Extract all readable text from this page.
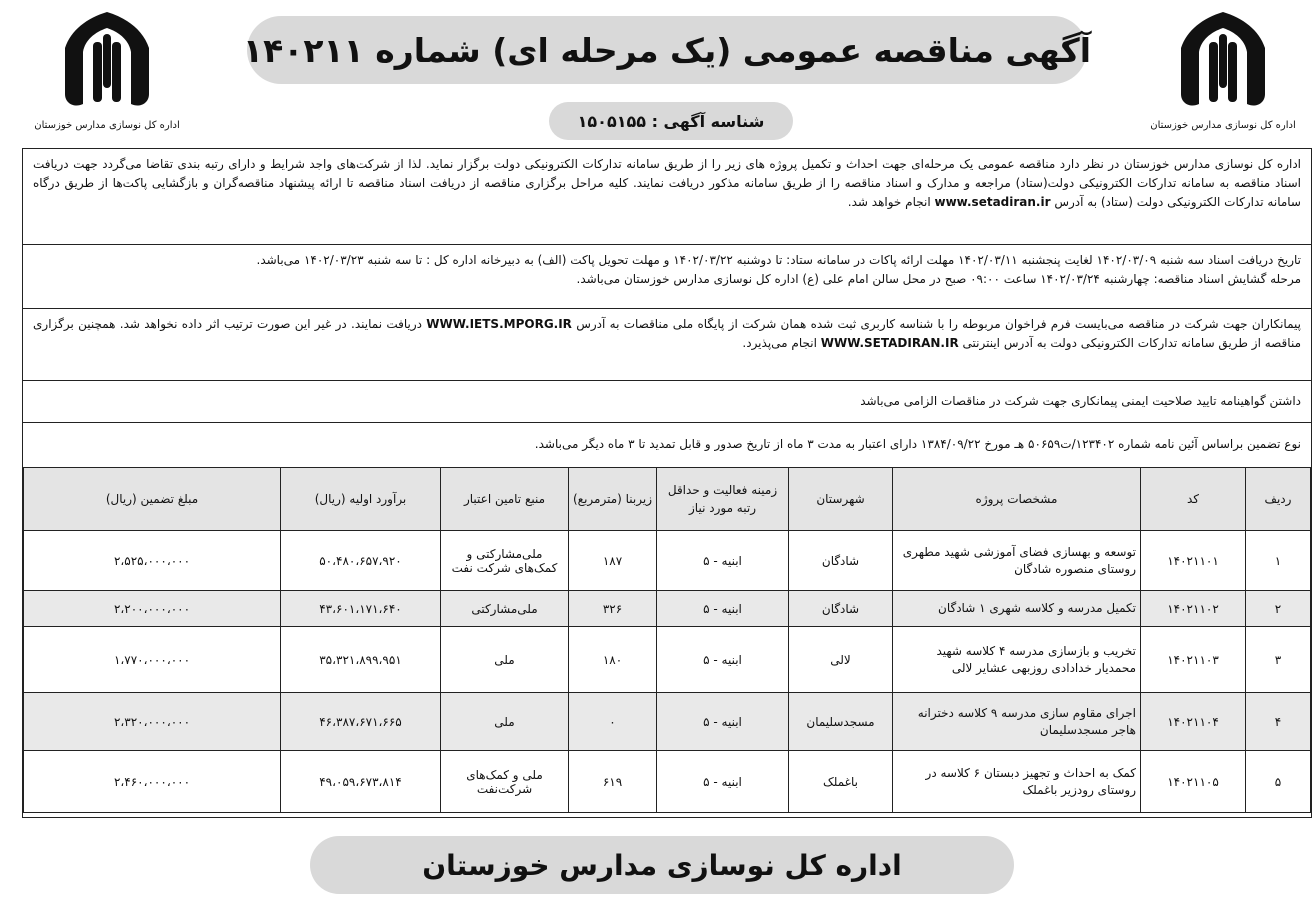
اداره کل نوسازی مدارس خوزستان
اداره کل نوسازی مدارس خوزستان
آگهی مناقصه عمومی (یک مرحله ای) شماره ۱۴۰۲۱۱
شناسه آگهی : ۱۵۰۵۱۵۵

اداره کل نوسازی مدارس خوزستان در نظر دارد مناقصه عمومی یک مرحله‌ای جهت احداث و تکمیل پروژه های زیر را از طریق سامانه تدارکات الکترونیکی دولت برگزار نماید. لذا از شرکت‌های واجد شرایط و دارای رتبه بندی تقاضا می‌گردد جهت دریافت اسناد مناقصه به سامانه تدارکات الکترونیکی دولت(ستاد) مراجعه و مدارک و اسناد مناقصه را از طریق سامانه مذکور دریافت نمایند. کلیه مراحل برگزاری مناقصه از دریافت اسناد مناقصه تا ارائه پیشنهاد مناقصه‌گران و بازگشایی پاکت‌ها از طریق درگاه سامانه تدارکات الکترونیکی دولت (ستاد) به آدرس www.setadiran.ir انجام خواهد شد.

تاریخ دریافت اسناد سه شنبه ۱۴۰۲/۰۳/۰۹ لغایت پنجشنبه ۱۴۰۲/۰۳/۱۱ مهلت ارائه پاکات در سامانه ستاد: تا دوشنبه ۱۴۰۲/۰۳/۲۲ و مهلت تحویل پاکت (الف) به دبیرخانه اداره کل : تا سه شنبه ۱۴۰۲/۰۳/۲۳ می‌باشد.

مرحله گشایش اسناد مناقصه: چهارشنبه ۱۴۰۲/۰۳/۲۴ ساعت ۰۹:۰۰ صبح در محل سالن امام علی (ع) اداره کل نوسازی مدارس خوزستان می‌باشد.

پیمانکاران جهت شرکت در مناقصه می‌بایست فرم فراخوان مربوطه را با شناسه کاربری ثبت شده همان شرکت از پایگاه ملی مناقصات به آدرس WWW.IETS.MPORG.IR دریافت نمایند. در غیر این صورت ترتیب اثر داده نخواهد شد. همچنین برگزاری مناقصه از طریق سامانه تدارکات الکترونیکی دولت به آدرس اینترنتی WWW.SETADIRAN.IR انجام می‌پذیرد.

داشتن گواهینامه تایید صلاحیت ایمنی پیمانکاری جهت شرکت در مناقصات الزامی می‌باشد

نوع تضمین براساس آئین نامه شماره ۱۲۳۴۰۲/ت۵۰۶۵۹ هـ مورخ ۱۳۸۴/۰۹/۲۲ دارای اعتبار به مدت ۳ ماه از تاریخ صدور و قابل تمدید تا ۳ ماه دیگر می‌باشد.

ردیف	کد	مشخصات پروژه	شهرستان	زمینه فعالیت و حداقل رتبه مورد نیاز	زیربنا (مترمربع)	منبع تامین اعتبار	برآورد اولیه (ریال)	مبلغ تضمین (ریال)
۱	۱۴۰۲۱۱۰۱	توسعه و بهسازی فضای آموزشی شهید مطهری روستای منصوره شادگان	شادگان	ابنیه - ۵	۱۸۷	ملی‌مشارکتی و کمک‌های شرکت نفت	۵۰،۴۸۰،۶۵۷،۹۲۰	۲،۵۲۵،۰۰۰،۰۰۰
۲	۱۴۰۲۱۱۰۲	تکمیل مدرسه و کلاسه شهری ۱ شادگان	شادگان	ابنیه - ۵	۳۲۶	ملی‌مشارکتی	۴۳،۶۰۱،۱۷۱،۶۴۰	۲،۲۰۰،۰۰۰،۰۰۰
۳	۱۴۰۲۱۱۰۳	تخریب و بازسازی مدرسه ۴ کلاسه شهید محمدیار خدادادی روزبهی عشایر لالی	لالی	ابنیه - ۵	۱۸۰	ملی	۳۵،۳۲۱،۸۹۹،۹۵۱	۱،۷۷۰،۰۰۰،۰۰۰
۴	۱۴۰۲۱۱۰۴	اجرای مقاوم سازی مدرسه ۹ کلاسه دخترانه هاجر مسجدسلیمان	مسجدسلیمان	ابنیه - ۵	۰	ملی	۴۶،۳۸۷،۶۷۱،۶۶۵	۲،۳۲۰،۰۰۰،۰۰۰
۵	۱۴۰۲۱۱۰۵	کمک به احداث و تجهیز دبستان ۶ کلاسه در روستای رودزیر باغملک	باغملک	ابنیه - ۵	۶۱۹	ملی و کمک‌های شرکت‌نفت	۴۹،۰۵۹،۶۷۳،۸۱۴	۲،۴۶۰،۰۰۰،۰۰۰
اداره کل نوسازی مدارس خوزستان
